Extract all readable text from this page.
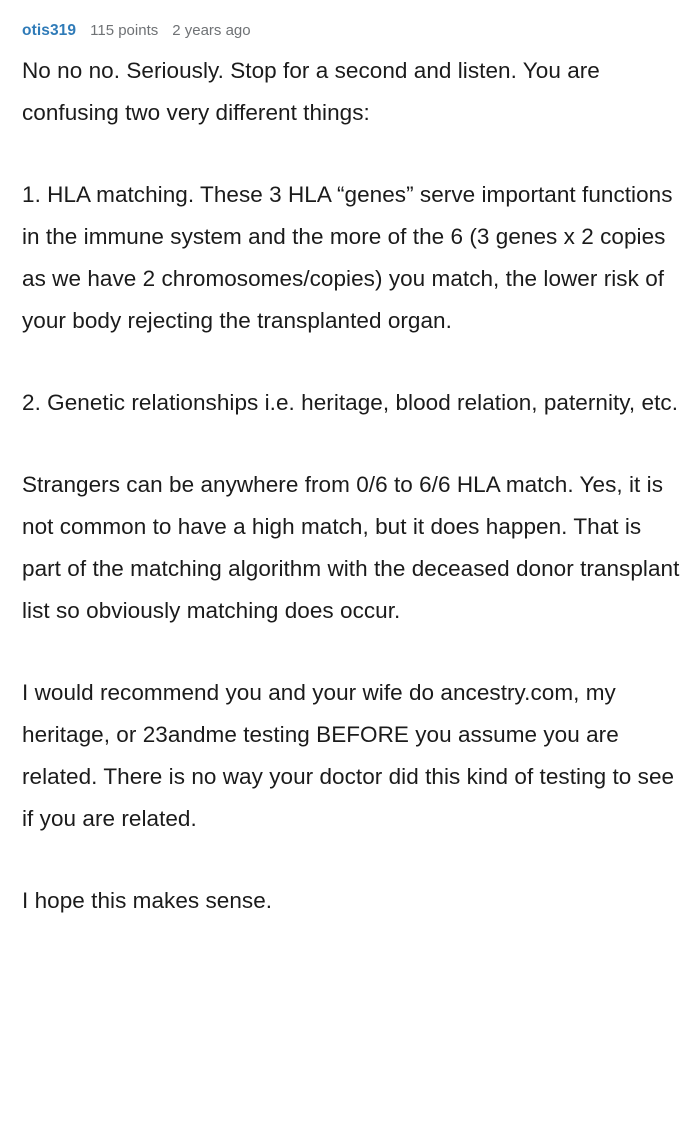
otis319 115 points 2 years ago

No no no. Seriously. Stop for a second and listen. You are confusing two very different things:

1. HLA matching. These 3 HLA “genes” serve important functions in the immune system and the more of the 6 (3 genes x 2 copies as we have 2 chromosomes/copies) you match, the lower risk of your body rejecting the transplanted organ.

2. Genetic relationships i.e. heritage, blood relation, paternity, etc.

Strangers can be anywhere from 0/6 to 6/6 HLA match. Yes, it is not common to have a high match, but it does happen. That is part of the matching algorithm with the deceased donor transplant list so obviously matching does occur.

I would recommend you and your wife do ancestry.com, my heritage, or 23andme testing BEFORE you assume you are related. There is no way your doctor did this kind of testing to see if you are related.

I hope this makes sense.
